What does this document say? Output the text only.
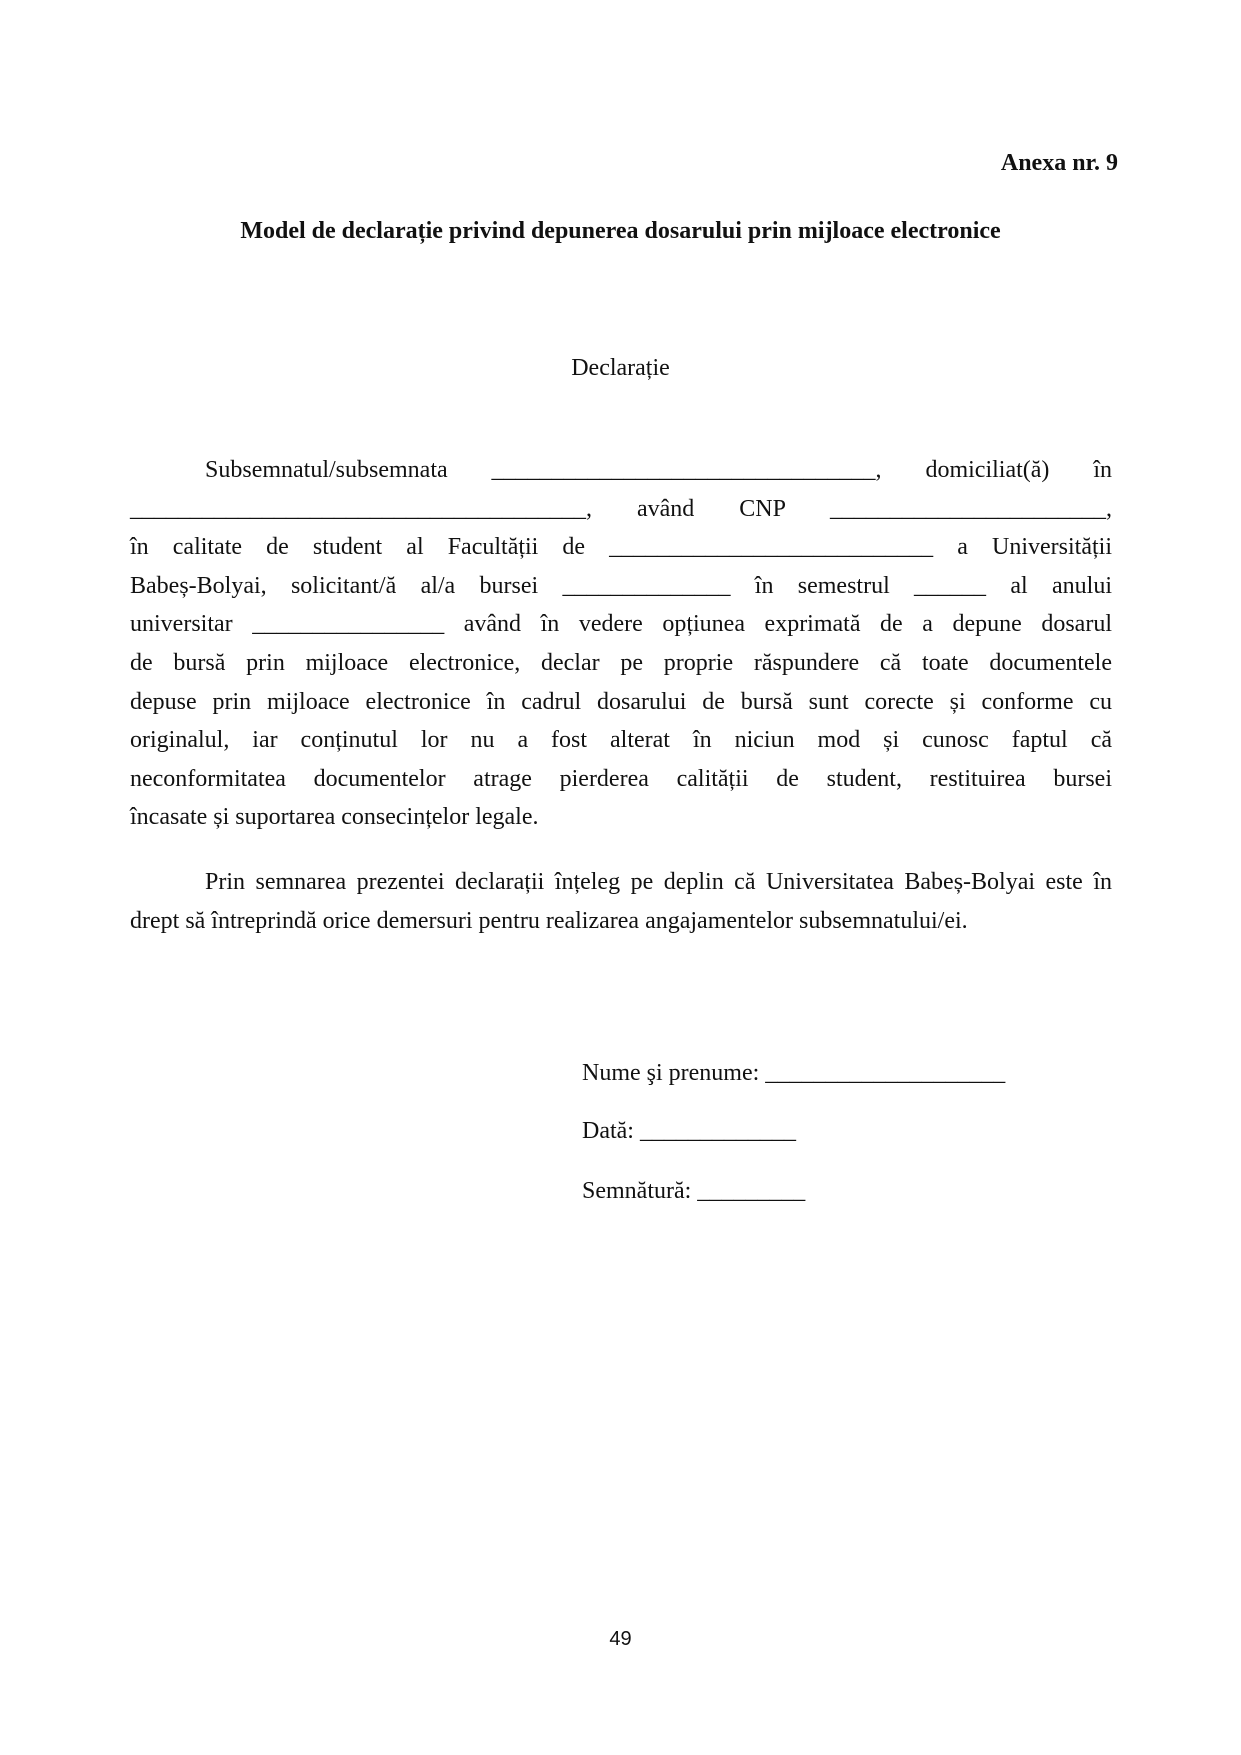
Anexa nr. 9
Model de declarație privind depunerea dosarului prin mijloace electronice
Declarație
Subsemnatul/subsemnata ________________________________, domiciliat(ă) în
______________________________________, având CNP _______________________,
în calitate de student al Facultății de ___________________________ a Universității
Babeș-Bolyai, solicitant/ă al/a bursei ______________ în semestrul ______ al anului
universitar ________________ având în vedere opțiunea exprimată de a depune dosarul
de bursă prin mijloace electronice, declar pe proprie răspundere că toate documentele
depuse prin mijloace electronice în cadrul dosarului de bursă sunt corecte și conforme cu
originalul, iar conținutul lor nu a fost alterat în niciun mod și cunosc faptul că
neconformitatea documentelor atrage pierderea calității de student, restituirea bursei
încasate și suportarea consecințelor legale.

Prin semnarea prezentei declarații înțeleg pe deplin că Universitatea Babeș-Bolyai este în drept să întreprindă orice demersuri pentru realizarea angajamentelor subsemnatului/ei.

Nume şi prenume: ____________________
Dată: _____________
Semnătură: _________
49
